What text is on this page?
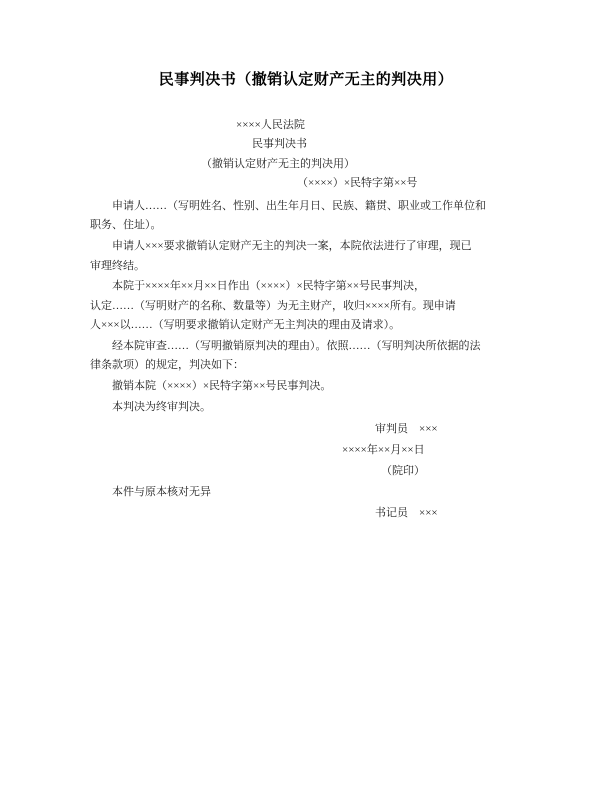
民事判决书（撤销认定财产无主的判决用）
××××人民法院
民事判决书
（撤销认定财产无主的判决用）
（××××）×民特字第××号
申请人……（写明姓名、性别、出生年月日、民族、籍贯、职业或工作单位和
职务、住址）。
申请人×××要求撤销认定财产无主的判决一案，本院依法进行了审理，现已
审理终结。
本院于××××年××月××日作出（××××）×民特字第××号民事判决，
认定……（写明财产的名称、数量等）为无主财产，收归××××所有。现申请
人×××以……（写明要求撤销认定财产无主判决的理由及请求）。
经本院审查……（写明撤销原判决的理由）。依照……（写明判决所依据的法
律条款项）的规定，判决如下：
撤销本院（××××）×民特字第××号民事判决。
本判决为终审判决。
审判员　×××
××××年××月××日
（院印）
本件与原本核对无异
书记员　×××
